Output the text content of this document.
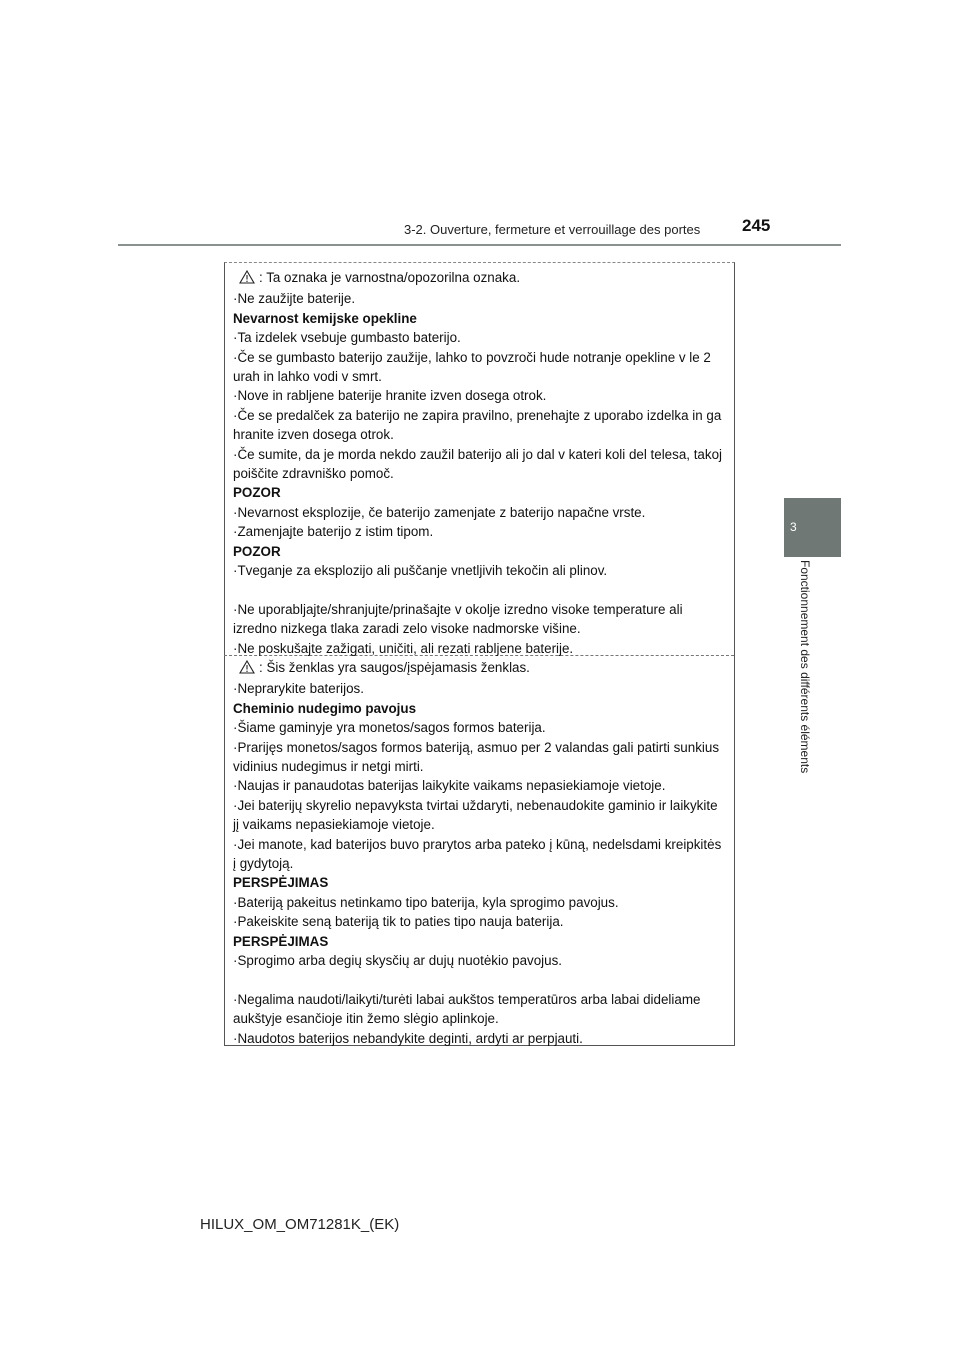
3-2. Ouverture, fermeture et verrouillage des portes 245
3
Fonctionnement des différents éléments

: Ta oznaka je varnostna/opozorilna oznaka.

·Ne zaužijte baterije.

Nevarnost kemijske opekline

·Ta izdelek vsebuje gumbasto baterijo.

·Če se gumbasto baterijo zaužije, lahko to povzroči hude notranje opekline v le 2 urah in lahko vodi v smrt.

·Nove in rabljene baterije hranite izven dosega otrok.

·Če se predalček za baterijo ne zapira pravilno, prenehajte z uporabo izdelka in ga hranite izven dosega otrok.

·Če sumite, da je morda nekdo zaužil baterijo ali jo dal v kateri koli del telesa, takoj poiščite zdravniško pomoč.

POZOR

·Nevarnost eksplozije, če baterijo zamenjate z baterijo napačne vrste.

·Zamenjajte baterijo z istim tipom.

POZOR

·Tveganje za eksplozijo ali puščanje vnetljivih tekočin ali plinov.

·Ne uporabljajte/shranjujte/prinašajte v okolje izredno visoke temperature ali izredno nizkega tlaka zaradi zelo visoke nadmorske višine.

·Ne poskušajte zažigati, uničiti, ali rezati rabljene baterije.

: Šis ženklas yra saugos/įspėjamasis ženklas.

·Neprarykite baterijos.

Cheminio nudegimo pavojus

·Šiame gaminyje yra monetos/sagos formos baterija.

·Prarijęs monetos/sagos formos bateriją, asmuo per 2 valandas gali patirti sunkius vidinius nudegimus ir netgi mirti.

·Naujas ir panaudotas baterijas laikykite vaikams nepasiekiamoje vietoje.

·Jei baterijų skyrelio nepavyksta tvirtai uždaryti, nebenaudokite gaminio ir laikykite jį vaikams nepasiekiamoje vietoje.

·Jei manote, kad baterijos buvo prarytos arba pateko į kūną, nedelsdami kreipkitės į gydytoją.

PERSPĖJIMAS

·Bateriją pakeitus netinkamo tipo baterija, kyla sprogimo pavojus.

·Pakeiskite seną bateriją tik to paties tipo nauja baterija.

PERSPĖJIMAS

·Sprogimo arba degių skysčių ar dujų nuotėkio pavojus.

·Negalima naudoti/laikyti/turėti labai aukštos temperatūros arba labai dideliame aukštyje esančioje itin žemo slėgio aplinkoje.

·Naudotos baterijos nebandykite deginti, ardyti ar perpjauti.

HILUX_OM_OM71281K_(EK)
